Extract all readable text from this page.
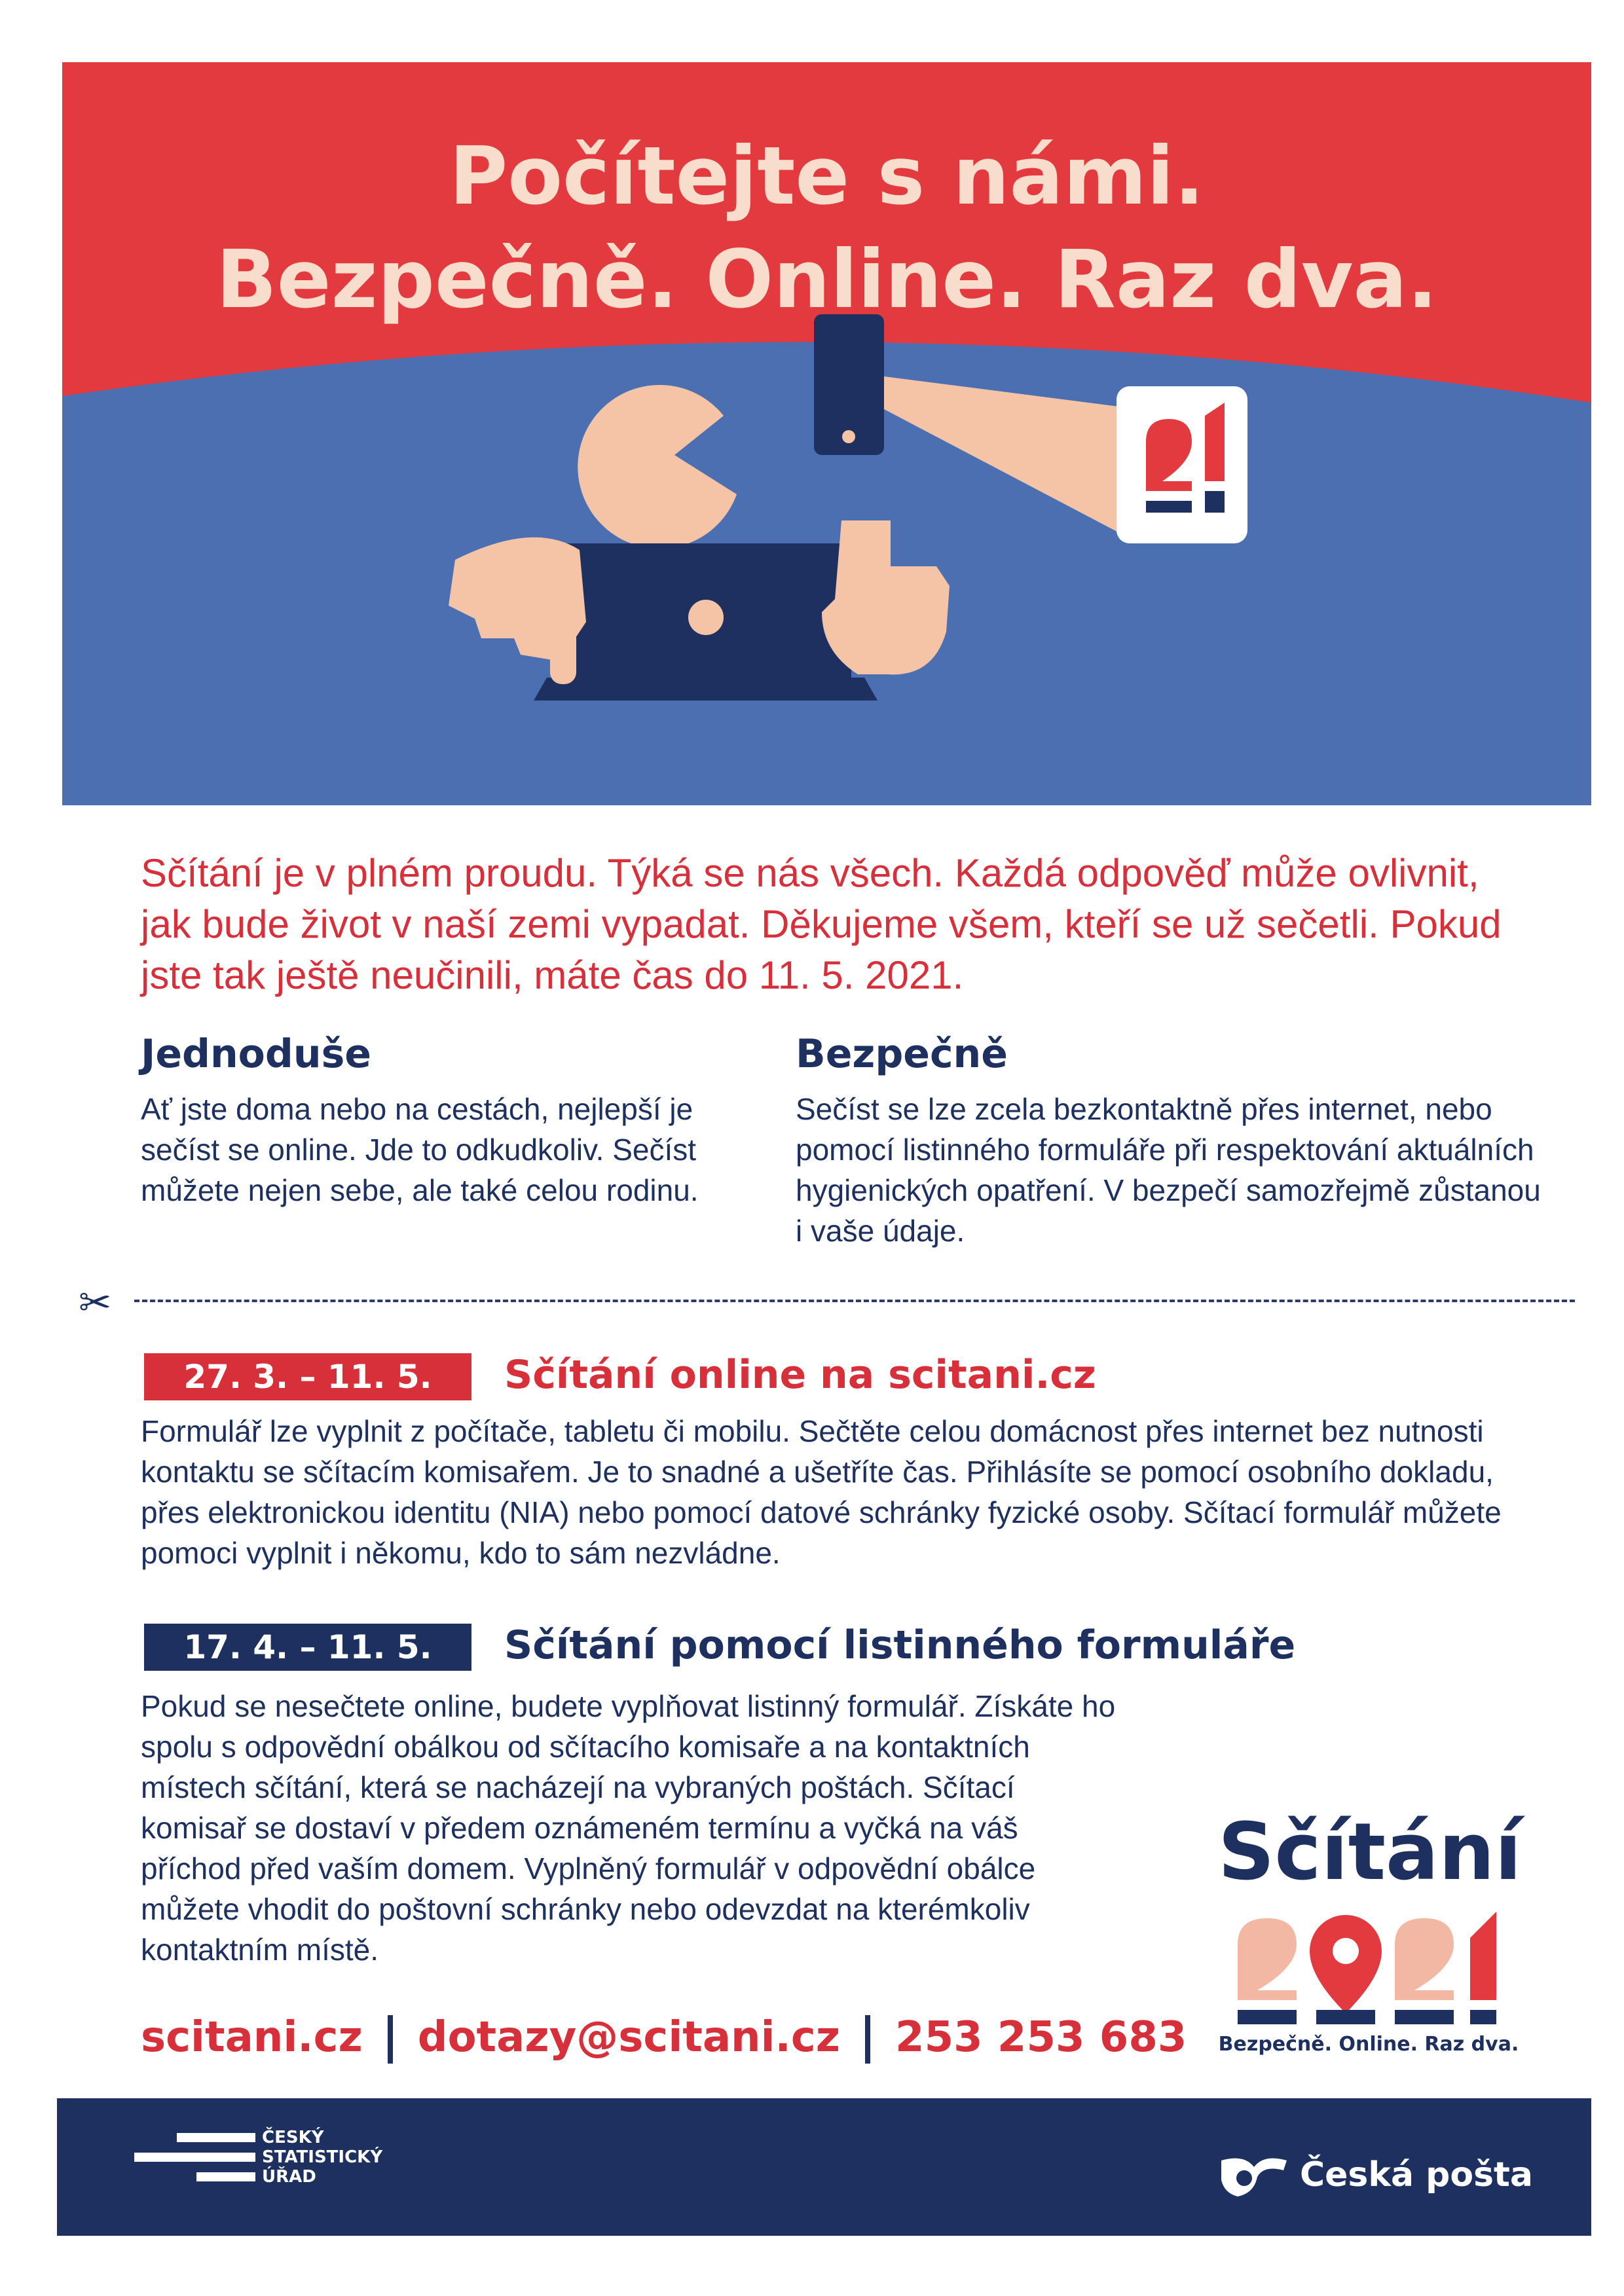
Počítejte s námi.
Bezpečně. Online. Raz dva.
Sčítání je v plném proudu. Týká se nás všech. Každá odpověď může ovlivnit, jak bude život v naší zemi vypadat. Děkujeme všem, kteří se už sečetli. Pokud jste tak ještě neučinili, máte čas do 11. 5. 2021.
Jednoduše

Ať jste doma nebo na cestách, nejlepší je sečíst se online. Jde to odkudkoliv. Sečíst můžete nejen sebe, ale také celou rodinu.

Bezpečně

Sečíst se lze zcela bezkontaktně přes internet, nebo pomocí listinného formuláře při respektování aktuálních hygienických opatření. V bezpečí samozřejmě zůstanou i vaše údaje.

✂
27. 3. – 11. 5.	Sčítání online na scitani.cz
Formulář lze vyplnit z počítače, tabletu či mobilu. Sečtěte celou domácnost přes internet bez nutnosti kontaktu se sčítacím komisařem. Je to snadné a ušetříte čas. Přihlásíte se pomocí osobního dokladu, přes elektronickou identitu (NIA) nebo pomocí datové schránky fyzické osoby. Sčítací formulář můžete pomoci vyplnit i někomu, kdo to sám nezvládne.
17. 4. – 11. 5.	Sčítání pomocí listinného formuláře
Pokud se nesečtete online, budete vyplňovat listinný formulář. Získáte ho spolu s odpovědní obálkou od sčítacího komisaře a na kontaktních místech sčítání, která se nacházejí na vybraných poštách. Sčítací komisař se dostaví v předem oznámeném termínu a vyčká na váš příchod před vaším domem. Vyplněný formulář v odpovědní obálce můžete vhodit do poštovní schránky nebo odevzdat na kterémkoliv kontaktním místě.
scitani.cz dotazy@scitani.cz 253 253 683
Sčítání
Bezpečně. Online. Raz dva.
ČESKÝ
STATISTICKÝ
ÚŘAD	Česká pošta
